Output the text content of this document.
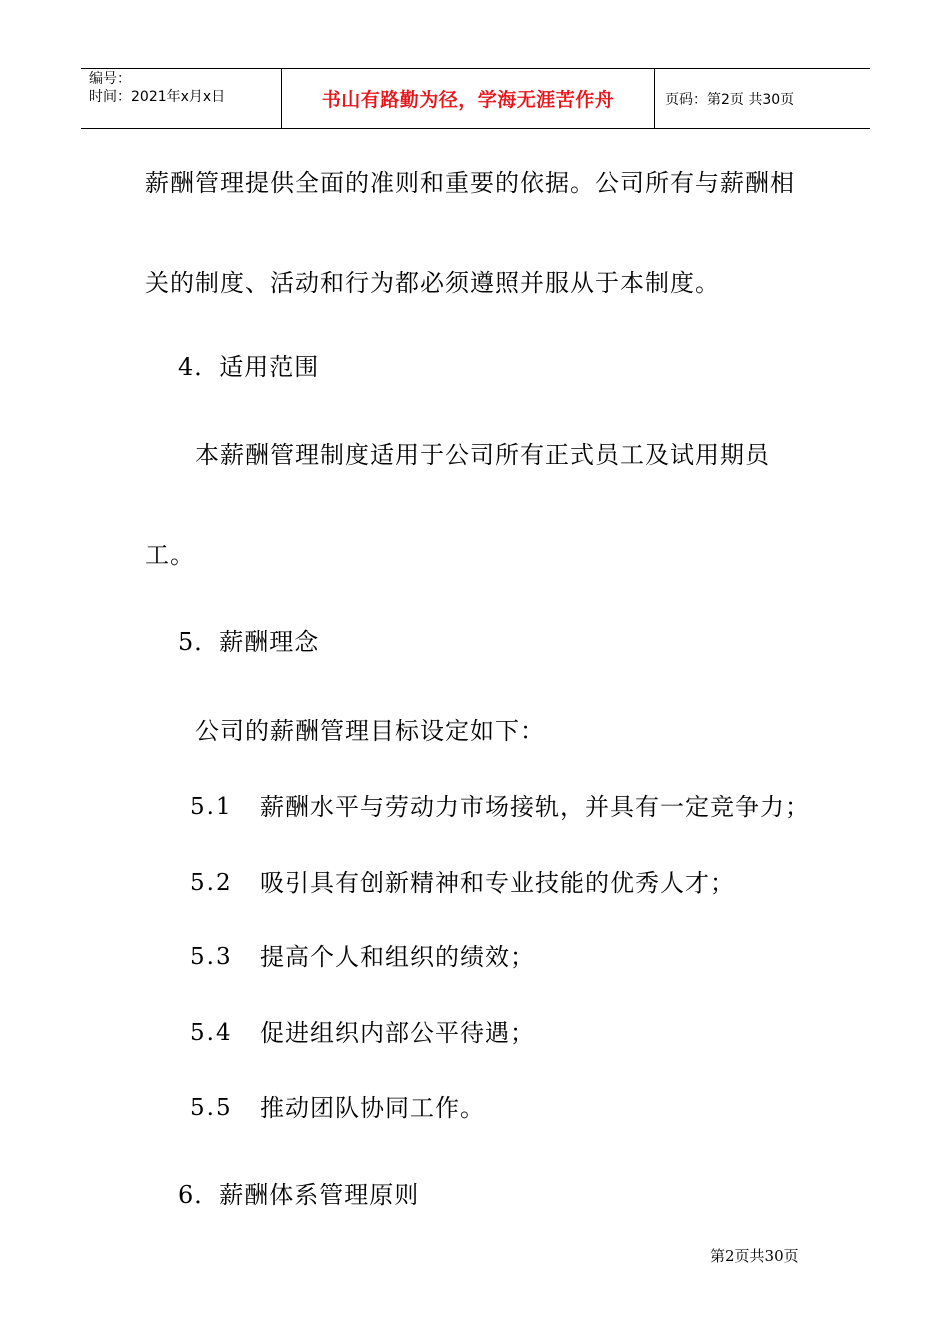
编号：
时间：2021年x月x日	书山有路勤为径，学海无涯苦作舟	页码：第2页 共30页
薪酬管理提供全面的准则和重要的依据。公司所有与薪酬相
关的制度、活动和行为都必须遵照并服从于本制度。
4．适用范围
本薪酬管理制度适用于公司所有正式员工及试用期员
工。
5．薪酬理念
公司的薪酬管理目标设定如下：
5.1 薪酬水平与劳动力市场接轨，并具有一定竞争力；
5.2 吸引具有创新精神和专业技能的优秀人才；
5.3 提高个人和组织的绩效；
5.4 促进组织内部公平待遇；
5.5 推动团队协同工作。
6．薪酬体系管理原则
第2页共30页
